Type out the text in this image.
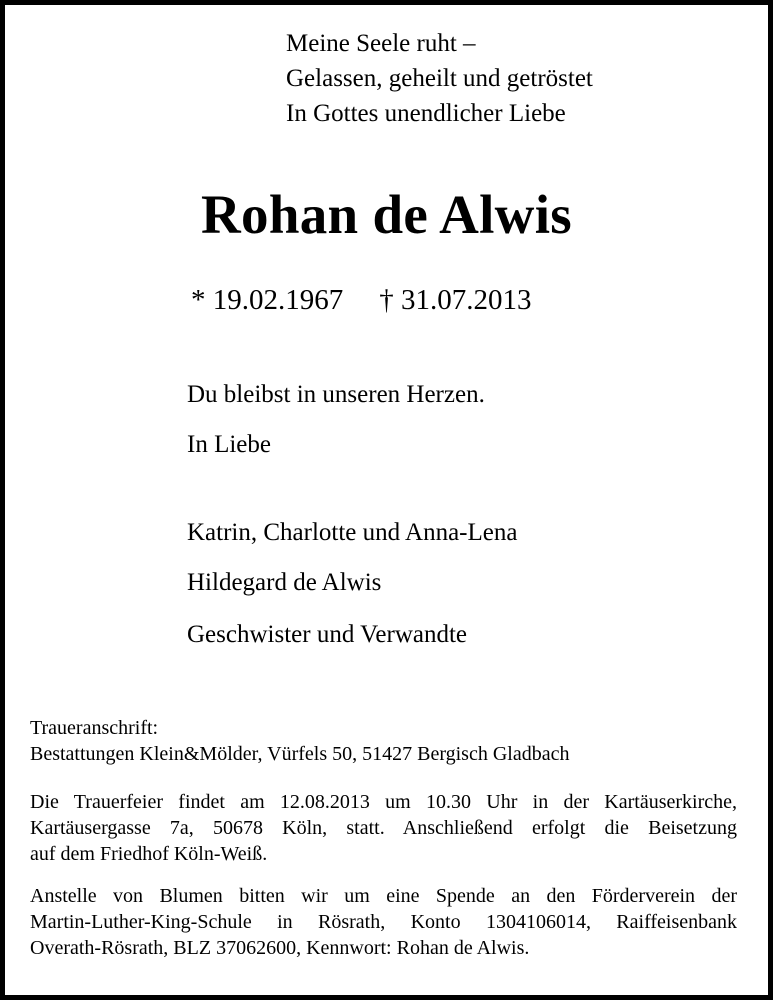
Meine Seele ruht –
Gelassen, geheilt und getröstet
In Gottes unendlicher Liebe
Rohan de Alwis
* 19.02.1967 † 31.07.2013
Du bleibst in unseren Herzen.
In Liebe
Katrin, Charlotte und Anna-Lena
Hildegard de Alwis
Geschwister und Verwandte
Traueranschrift:
Bestattungen Klein&Mölder, Vürfels 50, 51427 Bergisch Gladbach
Die Trauerfeier findet am 12.08.2013 um 10.30 Uhr in der Kartäuserkirche,
Kartäusergasse 7a, 50678 Köln, statt. Anschließend erfolgt die Beisetzung
auf dem Friedhof Köln-Weiß.
Anstelle von Blumen bitten wir um eine Spende an den Förderverein der
Martin-Luther-King-Schule in Rösrath, Konto 1304106014, Raiffeisenbank
Overath-Rösrath, BLZ 37062600, Kennwort: Rohan de Alwis.
